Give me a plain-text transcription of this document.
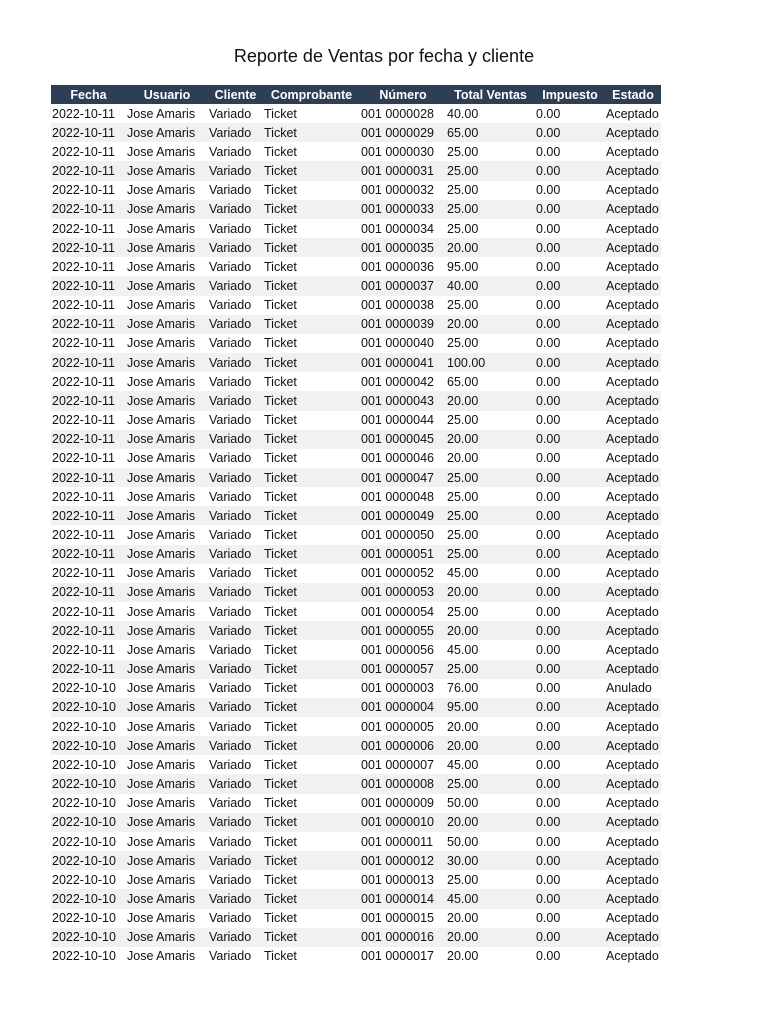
Reporte de Ventas por fecha y cliente
Fecha	Usuario	Cliente	Comprobante	Número	Total Ventas	Impuesto	Estado
2022-10-11	Jose Amaris	Variado	Ticket	001 0000028	40.00	0.00	Aceptado
2022-10-11	Jose Amaris	Variado	Ticket	001 0000029	65.00	0.00	Aceptado
2022-10-11	Jose Amaris	Variado	Ticket	001 0000030	25.00	0.00	Aceptado
2022-10-11	Jose Amaris	Variado	Ticket	001 0000031	25.00	0.00	Aceptado
2022-10-11	Jose Amaris	Variado	Ticket	001 0000032	25.00	0.00	Aceptado
2022-10-11	Jose Amaris	Variado	Ticket	001 0000033	25.00	0.00	Aceptado
2022-10-11	Jose Amaris	Variado	Ticket	001 0000034	25.00	0.00	Aceptado
2022-10-11	Jose Amaris	Variado	Ticket	001 0000035	20.00	0.00	Aceptado
2022-10-11	Jose Amaris	Variado	Ticket	001 0000036	95.00	0.00	Aceptado
2022-10-11	Jose Amaris	Variado	Ticket	001 0000037	40.00	0.00	Aceptado
2022-10-11	Jose Amaris	Variado	Ticket	001 0000038	25.00	0.00	Aceptado
2022-10-11	Jose Amaris	Variado	Ticket	001 0000039	20.00	0.00	Aceptado
2022-10-11	Jose Amaris	Variado	Ticket	001 0000040	25.00	0.00	Aceptado
2022-10-11	Jose Amaris	Variado	Ticket	001 0000041	100.00	0.00	Aceptado
2022-10-11	Jose Amaris	Variado	Ticket	001 0000042	65.00	0.00	Aceptado
2022-10-11	Jose Amaris	Variado	Ticket	001 0000043	20.00	0.00	Aceptado
2022-10-11	Jose Amaris	Variado	Ticket	001 0000044	25.00	0.00	Aceptado
2022-10-11	Jose Amaris	Variado	Ticket	001 0000045	20.00	0.00	Aceptado
2022-10-11	Jose Amaris	Variado	Ticket	001 0000046	20.00	0.00	Aceptado
2022-10-11	Jose Amaris	Variado	Ticket	001 0000047	25.00	0.00	Aceptado
2022-10-11	Jose Amaris	Variado	Ticket	001 0000048	25.00	0.00	Aceptado
2022-10-11	Jose Amaris	Variado	Ticket	001 0000049	25.00	0.00	Aceptado
2022-10-11	Jose Amaris	Variado	Ticket	001 0000050	25.00	0.00	Aceptado
2022-10-11	Jose Amaris	Variado	Ticket	001 0000051	25.00	0.00	Aceptado
2022-10-11	Jose Amaris	Variado	Ticket	001 0000052	45.00	0.00	Aceptado
2022-10-11	Jose Amaris	Variado	Ticket	001 0000053	20.00	0.00	Aceptado
2022-10-11	Jose Amaris	Variado	Ticket	001 0000054	25.00	0.00	Aceptado
2022-10-11	Jose Amaris	Variado	Ticket	001 0000055	20.00	0.00	Aceptado
2022-10-11	Jose Amaris	Variado	Ticket	001 0000056	45.00	0.00	Aceptado
2022-10-11	Jose Amaris	Variado	Ticket	001 0000057	25.00	0.00	Aceptado
2022-10-10	Jose Amaris	Variado	Ticket	001 0000003	76.00	0.00	Anulado
2022-10-10	Jose Amaris	Variado	Ticket	001 0000004	95.00	0.00	Aceptado
2022-10-10	Jose Amaris	Variado	Ticket	001 0000005	20.00	0.00	Aceptado
2022-10-10	Jose Amaris	Variado	Ticket	001 0000006	20.00	0.00	Aceptado
2022-10-10	Jose Amaris	Variado	Ticket	001 0000007	45.00	0.00	Aceptado
2022-10-10	Jose Amaris	Variado	Ticket	001 0000008	25.00	0.00	Aceptado
2022-10-10	Jose Amaris	Variado	Ticket	001 0000009	50.00	0.00	Aceptado
2022-10-10	Jose Amaris	Variado	Ticket	001 0000010	20.00	0.00	Aceptado
2022-10-10	Jose Amaris	Variado	Ticket	001 0000011	50.00	0.00	Aceptado
2022-10-10	Jose Amaris	Variado	Ticket	001 0000012	30.00	0.00	Aceptado
2022-10-10	Jose Amaris	Variado	Ticket	001 0000013	25.00	0.00	Aceptado
2022-10-10	Jose Amaris	Variado	Ticket	001 0000014	45.00	0.00	Aceptado
2022-10-10	Jose Amaris	Variado	Ticket	001 0000015	20.00	0.00	Aceptado
2022-10-10	Jose Amaris	Variado	Ticket	001 0000016	20.00	0.00	Aceptado
2022-10-10	Jose Amaris	Variado	Ticket	001 0000017	20.00	0.00	Aceptado
